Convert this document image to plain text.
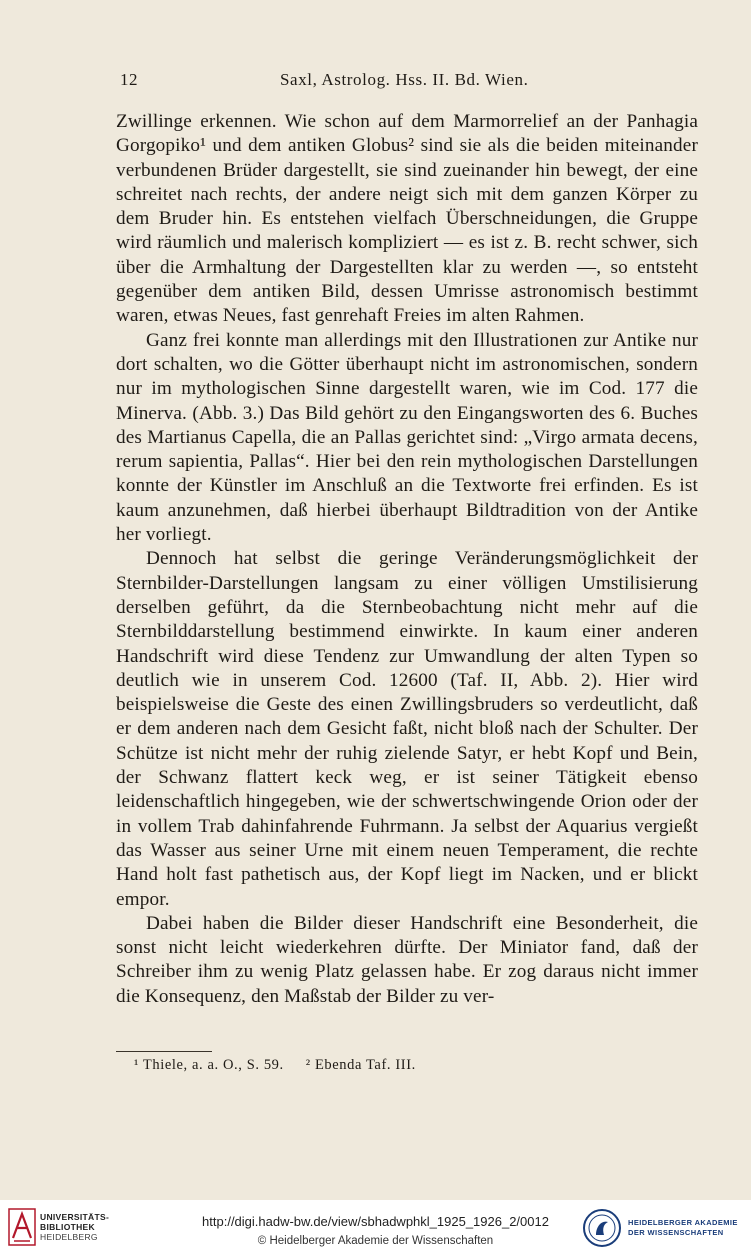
12	Saxl, Astrolog. Hss. II. Bd. Wien.

Zwillinge erkennen. Wie schon auf dem Marmorrelief an der Panhagia Gorgopiko¹ und dem antiken Globus² sind sie als die beiden miteinander verbundenen Brüder dargestellt, sie sind zueinander hin bewegt, der eine schreitet nach rechts, der andere neigt sich mit dem ganzen Körper zu dem Bruder hin. Es entstehen vielfach Überschneidungen, die Gruppe wird räumlich und malerisch kompliziert — es ist z. B. recht schwer, sich über die Armhaltung der Dargestellten klar zu werden —, so entsteht gegenüber dem antiken Bild, dessen Umrisse astronomisch bestimmt waren, etwas Neues, fast genrehaft Freies im alten Rahmen.

Ganz frei konnte man allerdings mit den Illustrationen zur Antike nur dort schalten, wo die Götter überhaupt nicht im astronomischen, sondern nur im mythologischen Sinne dargestellt waren, wie im Cod. 177 die Minerva. (Abb. 3.) Das Bild gehört zu den Eingangsworten des 6. Buches des Martianus Capella, die an Pallas gerichtet sind: „Virgo armata decens, rerum sapientia, Pallas“. Hier bei den rein mythologischen Darstellungen konnte der Künstler im Anschluß an die Textworte frei erfinden. Es ist kaum anzunehmen, daß hierbei überhaupt Bildtradition von der Antike her vorliegt.

Dennoch hat selbst die geringe Veränderungsmöglichkeit der Sternbilder-Darstellungen langsam zu einer völligen Umstilisierung derselben geführt, da die Sternbeobachtung nicht mehr auf die Sternbilddarstellung bestimmend einwirkte. In kaum einer anderen Handschrift wird diese Tendenz zur Umwandlung der alten Typen so deutlich wie in unserem Cod. 12600 (Taf. II, Abb. 2). Hier wird beispielsweise die Geste des einen Zwillingsbruders so verdeutlicht, daß er dem anderen nach dem Gesicht faßt, nicht bloß nach der Schulter. Der Schütze ist nicht mehr der ruhig zielende Satyr, er hebt Kopf und Bein, der Schwanz flattert keck weg, er ist seiner Tätigkeit ebenso leidenschaftlich hingegeben, wie der schwertschwingende Orion oder der in vollem Trab dahinfahrende Fuhrmann. Ja selbst der Aquarius vergießt das Wasser aus seiner Urne mit einem neuen Temperament, die rechte Hand holt fast pathetisch aus, der Kopf liegt im Nacken, und er blickt empor.

Dabei haben die Bilder dieser Handschrift eine Besonderheit, die sonst nicht leicht wiederkehren dürfte. Der Miniator fand, daß der Schreiber ihm zu wenig Platz gelassen habe. Er zog daraus nicht immer die Konsequenz, den Maßstab der Bilder zu ver-

¹ Thiele, a. a. O., S. 59. ² Ebenda Taf. III.
UNIVERSITÄTS-
BIBLIOTHEK
HEIDELBERG
http://digi.hadw-bw.de/view/sbhadwphkl_1925_1926_2/0012
© Heidelberger Akademie der Wissenschaften
HEIDELBERGER AKADEMIE
DER WISSENSCHAFTEN
